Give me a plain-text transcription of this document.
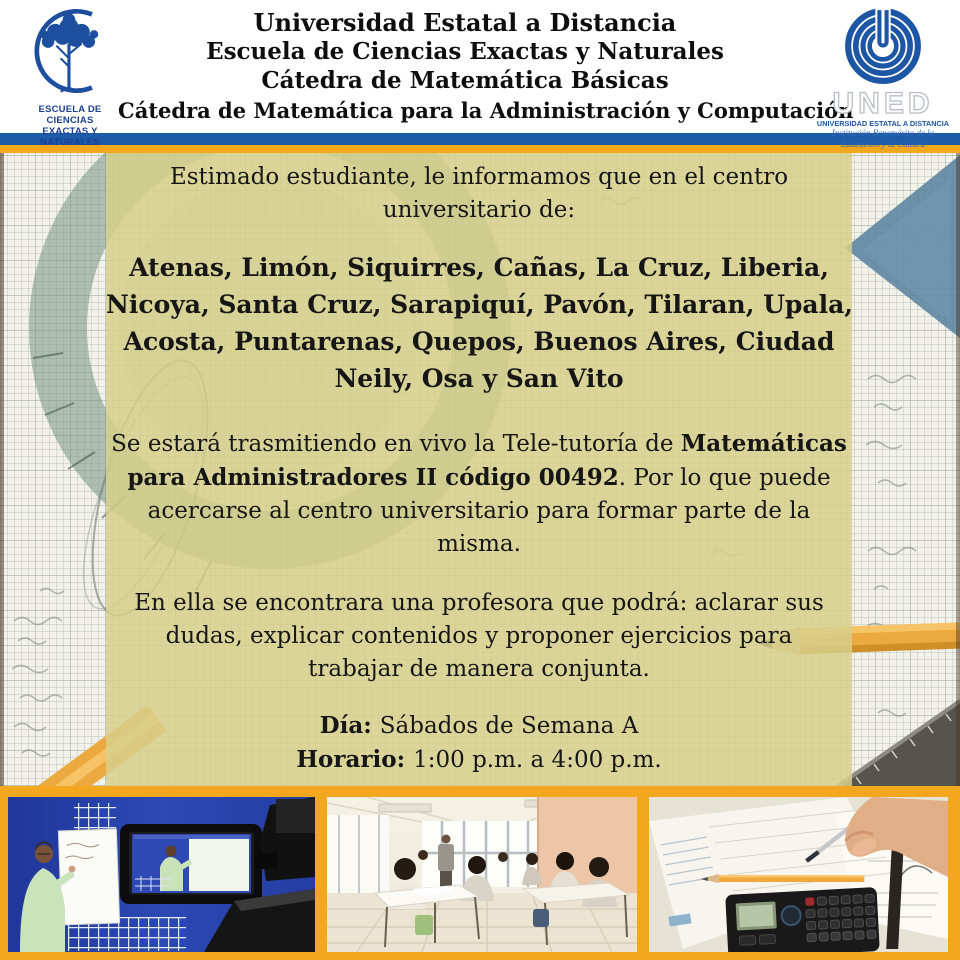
ESCUELA DE CIENCIAS
EXACTAS Y NATURALES
Universidad Estatal a Distancia
Escuela de Ciencias Exactas y Naturales
Cátedra de Matemática Básicas
Cátedra de Matemática para la Administración y Computación
UNED
UNIVERSIDAD ESTATAL A DISTANCIA
Institución Benemérita de la Educación y la Cultura
Estimado estudiante, le informamos que en el centro
universitario de:
Atenas, Limón, Siquirres, Cañas, La Cruz, Liberia,
Nicoya, Santa Cruz, Sarapiquí, Pavón, Tilaran, Upala,
Acosta, Puntarenas, Quepos, Buenos Aires, Ciudad
Neily, Osa y San Vito
Se estará trasmitiendo en vivo la Tele-tutoría de Matemáticas
para Administradores II código 00492. Por lo que puede
acercarse al centro universitario para formar parte de la
misma.
En ella se encontrara una profesora que podrá: aclarar sus
dudas, explicar contenidos y proponer ejercicios para
trabajar de manera conjunta.
Día: Sábados de Semana A
Horario: 1:00 p.m. a 4:00 p.m.
